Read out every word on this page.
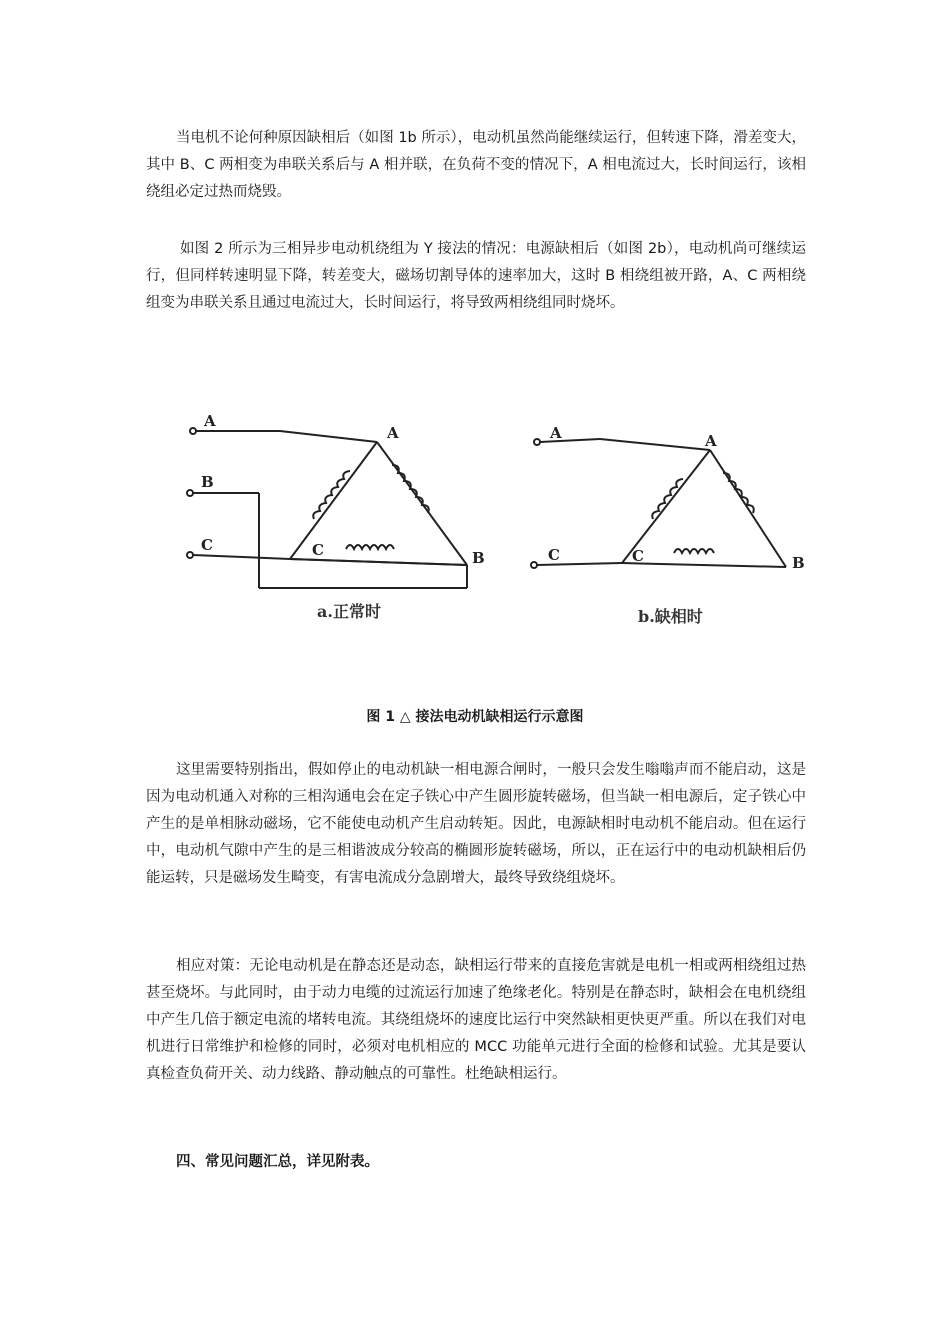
当电机不论何种原因缺相后（如图 1b 所示），电动机虽然尚能继续运行，但转速下降，滑差变大，其中 B、C 两相变为串联关系后与 A 相并联，在负荷不变的情况下，A 相电流过大，长时间运行，该相绕组必定过热而烧毁。

如图 2 所示为三相异步电动机绕组为 Y 接法的情况：电源缺相后（如图 2b），电动机尚可继续运行，但同样转速明显下降，转差变大，磁场切割导体的速率加大，这时 B 相绕组被开路，A、C 两相绕组变为串联关系且通过电流过大，长时间运行，将导致两相绕组同时烧坏。

A
B
C
A
B
C
a.正常时
A
C
A
B
C
b.缺相时

图 1 △ 接法电动机缺相运行示意图

这里需要特别指出，假如停止的电动机缺一相电源合闸时，一般只会发生嗡嗡声而不能启动，这是因为电动机通入对称的三相沟通电会在定子铁心中产生圆形旋转磁场，但当缺一相电源后，定子铁心中产生的是单相脉动磁场，它不能使电动机产生启动转矩。因此，电源缺相时电动机不能启动。但在运行中，电动机气隙中产生的是三相谐波成分较高的椭圆形旋转磁场，所以，正在运行中的电动机缺相后仍能运转，只是磁场发生畸变，有害电流成分急剧增大，最终导致绕组烧坏。

相应对策：无论电动机是在静态还是动态，缺相运行带来的直接危害就是电机一相或两相绕组过热甚至烧坏。与此同时，由于动力电缆的过流运行加速了绝缘老化。特别是在静态时，缺相会在电机绕组中产生几倍于额定电流的堵转电流。其绕组烧坏的速度比运行中突然缺相更快更严重。所以在我们对电机进行日常维护和检修的同时，必须对电机相应的 MCC 功能单元进行全面的检修和试验。尤其是要认真检查负荷开关、动力线路、静动触点的可靠性。杜绝缺相运行。

四、常见问题汇总，详见附表。
